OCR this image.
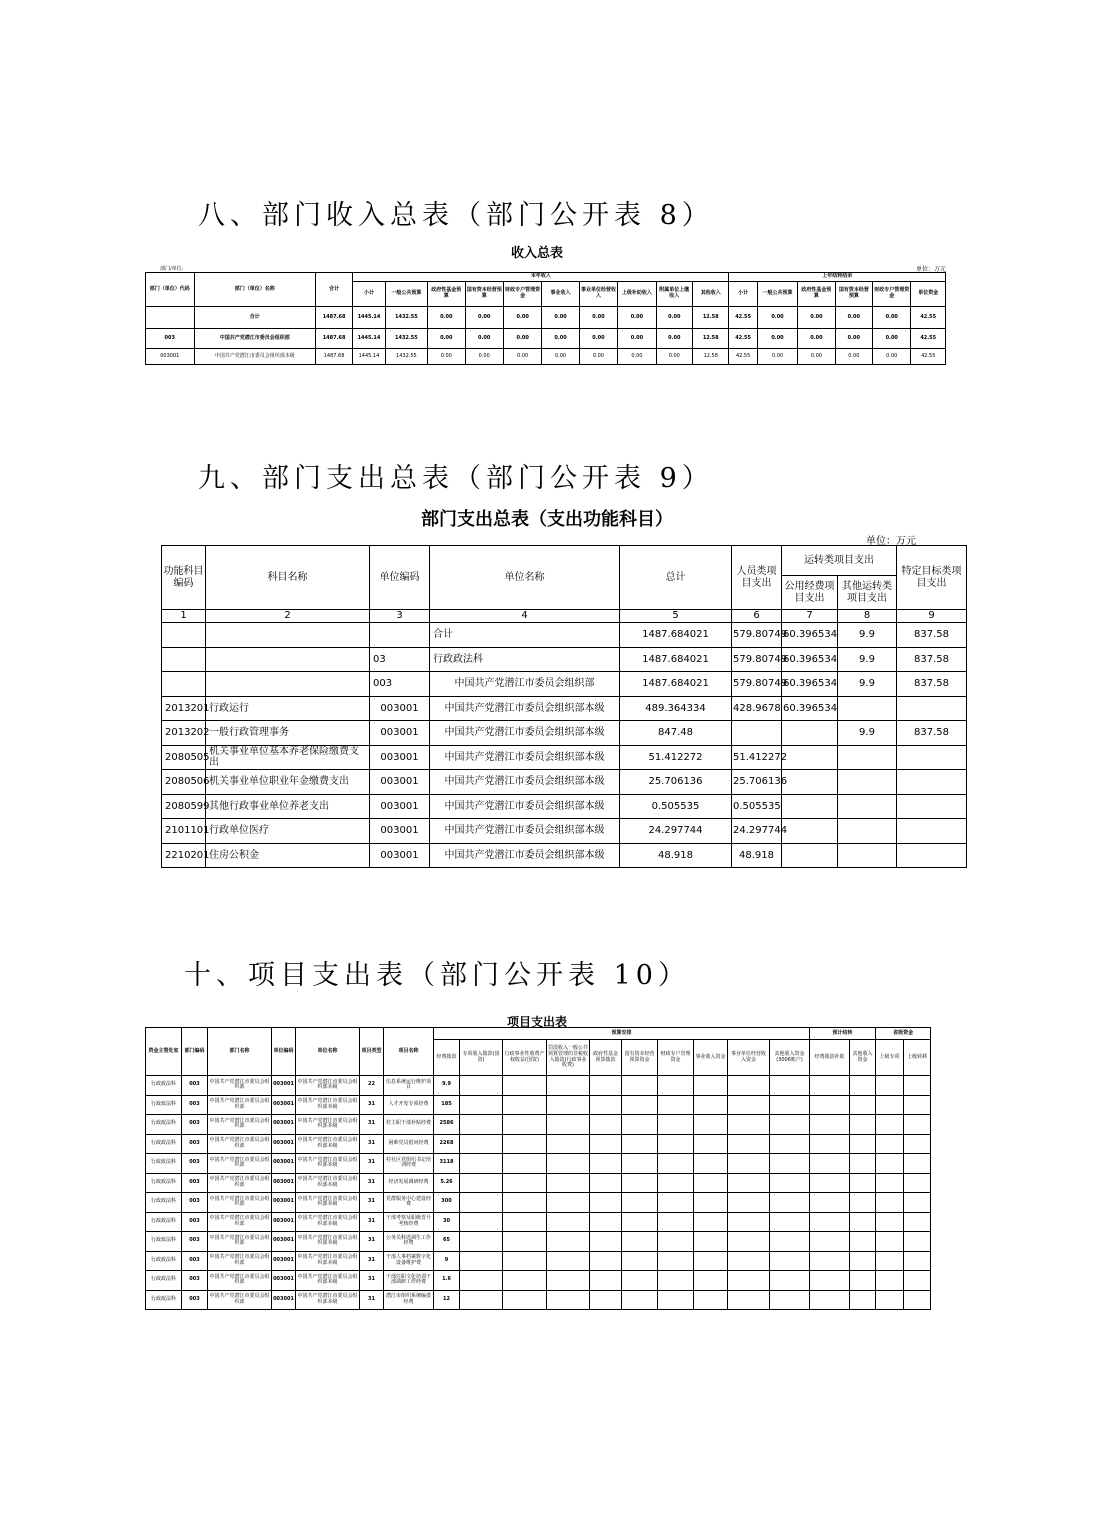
八、部门收入总表（部门公开表 8）
收入总表
部门/单位:	单位：万元
部门（单位）代码	部门（单位）名称	合计	本年收入										上年结转结余					
			小计	一般公共预算	政府性基金预算	国有资本经营预算	财政专户管理资金	事业收入	事业单位经营收入	上级补助收入	附属单位上缴收入	其他收入	小计	一般公共预算	政府性基金预算	国有资本经营预算	财政专户管理资金	单位资金
	合计	1487.68	1445.14	1432.55	0.00	0.00	0.00	0.00	0.00	0.00	0.00	12.58	42.55	0.00	0.00	0.00	0.00	42.55
003	中国共产党潜江市委员会组织部	1487.68	1445.14	1432.55	0.00	0.00	0.00	0.00	0.00	0.00	0.00	12.58	42.55	0.00	0.00	0.00	0.00	42.55
003001	中国共产党潜江市委员会组织部本级	1487.68	1445.14	1432.55	0.00	0.00	0.00	0.00	0.00	0.00	0.00	12.58	42.55	0.00	0.00	0.00	0.00	42.55
九、部门支出总表（部门公开表 9）
部门支出总表（支出功能科目）
单位：万元
功能科目编码	科目名称	单位编码	单位名称	总计	人员类项目支出	运转类项目支出		特定目标类项目支出
						公用经费项目支出	其他运转类项目支出	
1	2	3	4	5	6	7	8	9
			合计	1487.684021	579.80749	60.396534	9.9	837.58
		03	行政政法科	1487.684021	579.80749	60.396534	9.9	837.58
		003	中国共产党潜江市委员会组织部	1487.684021	579.80749	60.396534	9.9	837.58
2013201	行政运行	003001	中国共产党潜江市委员会组织部本级	489.364334	428.9678	60.396534		
2013202	一般行政管理事务	003001	中国共产党潜江市委员会组织部本级	847.48			9.9	837.58
2080505	机关事业单位基本养老保险缴费支出	003001	中国共产党潜江市委员会组织部本级	51.412272	51.412272			
2080506	机关事业单位职业年金缴费支出	003001	中国共产党潜江市委员会组织部本级	25.706136	25.706136			
2080599	其他行政事业单位养老支出	003001	中国共产党潜江市委员会组织部本级	0.505535	0.505535			
2101101	行政单位医疗	003001	中国共产党潜江市委员会组织部本级	24.297744	24.297744			
2210201	住房公积金	003001	中国共产党潜江市委员会组织部本级	48.918	48.918			
十、项目支出表（部门公开表 10）
项目支出表
资金主管处室	部门编码	部门名称	单位编码	单位名称	项目类型	项目名称	预算安排										预计结转		省级资金	
							经费拨款	专项收入拨款(国资)	行政事业性收费产权收益(国资)	罚没收入一般公共预算管理的非税收入拨款(行政事业收费)	政府性基金预算拨款	国有资本经营预算资金	财政专户管理资金	事业收入资金	事业单位经营收入资金	其他收入资金(3006账户)	经费拨款补助	其他收入资金	上级专项	上级转移
行政政法科	003	中国共产党潜江市委员会组织部	003001	中国共产党潜江市委员会组织部本级	22	信息系统运行维护项目	9.9													
行政政法科	003	中国共产党潜江市委员会组织部	003001	中国共产党潜江市委员会组织部本级	31	人才开发专项经费	185													
行政政法科	003	中国共产党潜江市委员会组织部	003001	中国共产党潜江市委员会组织部本级	31	村主职干部补贴经费	2586													
行政政法科	003	中国共产党潜江市委员会组织部	003001	中国共产党潜江市委员会组织部本级	31	困难党员慰问经费	2268													
行政政法科	003	中国共产党潜江市委员会组织部	003001	中国共产党潜江市委员会组织部本级	31	村社区党组织书记培训经费	3118													
行政政法科	003	中国共产党潜江市委员会组织部	003001	中国共产党潜江市委员会组织部本级	31	经济发展调研经费	5.26													
行政政法科	003	中国共产党潜江市委员会组织部	003001	中国共产党潜江市委员会组织部本级	31	党群服务中心建设经费	300													
行政政法科	003	中国共产党潜江市委员会组织部	003001	中国共产党潜江市委员会组织部本级	31	干部考察及职级晋升考核经费	30													
行政政法科	003	中国共产党潜江市委员会组织部	003001	中国共产党潜江市委员会组织部本级	31	公务员科选调生工作经费	65													
行政政法科	003	中国共产党潜江市委员会组织部	003001	中国共产党潜江市委员会组织部本级	31	干部人事档案数字化设备维护费	9													
行政政法科	003	中国共产党潜江市委员会组织部	003001	中国共产党潜江市委员会组织部本级	31	干部任职文化培训干部调研工作经费	1.6													
行政政法科	003	中国共产党潜江市委员会组织部	003001	中国共产党潜江市委员会组织部本级	31	潜江市组织系统编委经费	12													
